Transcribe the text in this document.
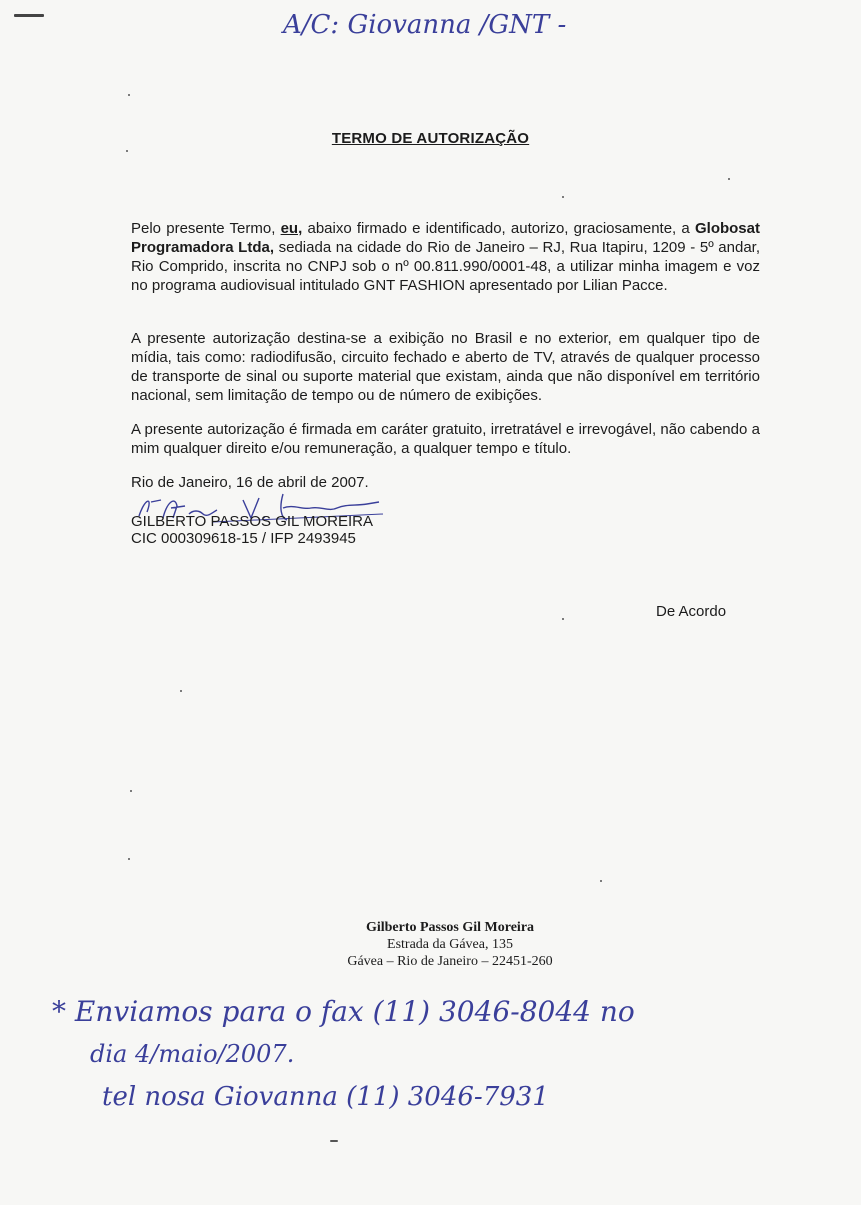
A/C: Giovanna /GNT -
TERMO DE AUTORIZAÇÃO

Pelo presente Termo, eu, abaixo firmado e identificado, autorizo, graciosamente, a Globosat Programadora Ltda, sediada na cidade do Rio de Janeiro – RJ, Rua Itapiru, 1209 - 5º andar, Rio Comprido, inscrita no CNPJ sob o nº 00.811.990/0001-48, a utilizar minha imagem e voz no programa audiovisual intitulado GNT FASHION apresentado por Lilian Pacce.

A presente autorização destina-se a exibição no Brasil e no exterior, em qualquer tipo de mídia, tais como: radiodifusão, circuito fechado e aberto de TV, através de qualquer processo de transporte de sinal ou suporte material que existam, ainda que não disponível em território nacional, sem limitação de tempo ou de número de exibições.

A presente autorização é firmada em caráter gratuito, irretratável e irrevogável, não cabendo a mim qualquer direito e/ou remuneração, a qualquer tempo e título.

Rio de Janeiro, 16 de abril de 2007.
GILBERTO PASSOS GIL MOREIRA
CIC 000309618-15 / IFP 2493945
De Acordo
Gilberto Passos Gil Moreira
Estrada da Gávea, 135
Gávea – Rio de Janeiro – 22451-260
* Enviamos para o fax (11) 3046-8044 no
dia 4/maio/2007.
tel nosa Giovanna (11) 3046-7931
